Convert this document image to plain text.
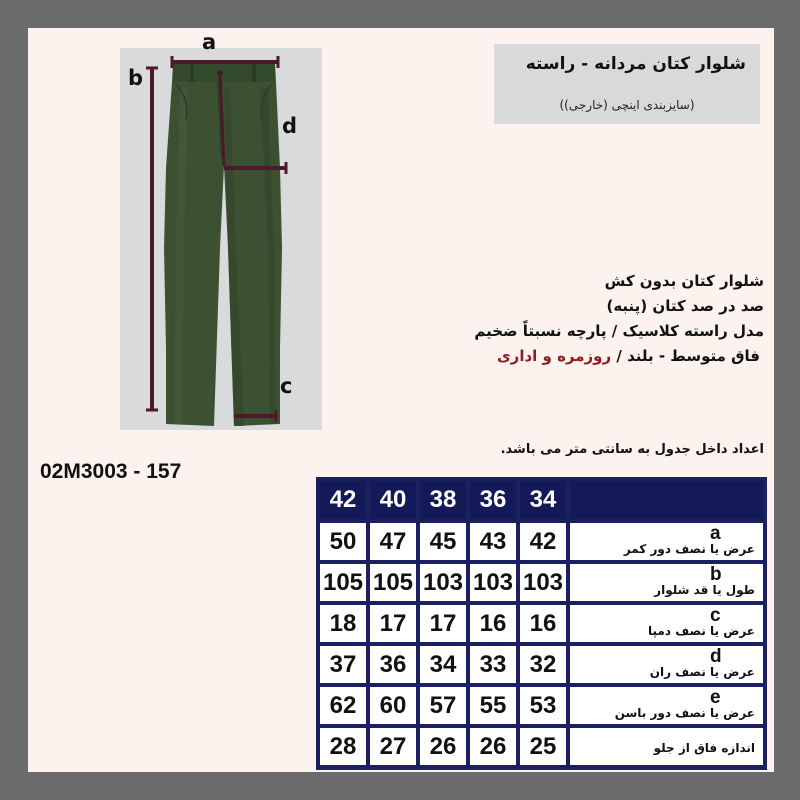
a
b
d
c
شلوار کتان مردانه - راسته
(سایزبندی اینچی (خارجی))
شلوار کتان بدون کش
صد در صد کتان (پنبه)
مدل راسته کلاسیک / پارچه نسبتاً ضخیم
فاق متوسط - بلند / روزمره و اداری
اعداد داخل جدول به سانتی متر می باشد.
02M3003 - 157
42 40 38 36 34
50 47 45 43 42	a
عرض یا نصف دور کمر
105 105 103 103 103	b
طول یا قد شلوار
18 17 17 16 16	c
عرض یا نصف دمپا
37 36 34 33 32	d
عرض یا نصف ران
62 60 57 55 53	e
عرض یا نصف دور باسن
28 27 26 26 25	اندازه فاق از جلو
